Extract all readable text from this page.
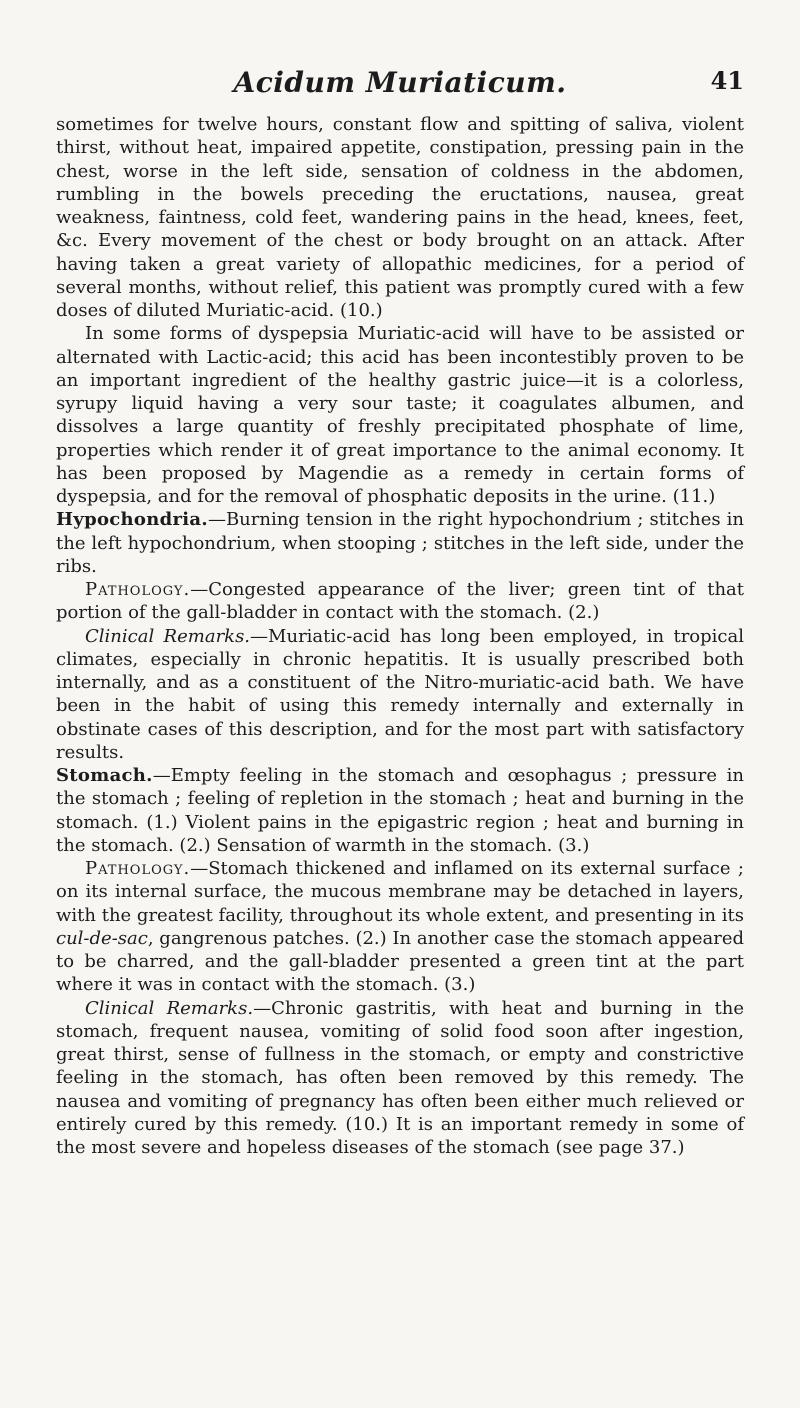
Acidum Muriaticum.	41

sometimes for twelve hours, constant flow and spitting of saliva, violent thirst, without heat, impaired appetite, constipation, pressing pain in the chest, worse in the left side, sensation of coldness in the abdomen, rumbling in the bowels preceding the eructations, nausea, great weakness, faintness, cold feet, wandering pains in the head, knees, feet, &c. Every movement of the chest or body brought on an attack. After having taken a great variety of allopathic medicines, for a period of several months, without relief, this patient was promptly cured with a few doses of diluted Muriatic-acid. (10.)

In some forms of dyspepsia Muriatic-acid will have to be assisted or alternated with Lactic-acid; this acid has been incontestibly proven to be an important ingredient of the healthy gastric juice—it is a colorless, syrupy liquid having a very sour taste; it coagulates albumen, and dissolves a large quantity of freshly precipitated phosphate of lime, properties which render it of great importance to the animal economy. It has been proposed by Magendie as a remedy in certain forms of dyspepsia, and for the removal of phosphatic deposits in the urine. (11.)

Hypochondria.—Burning tension in the right hypochondrium ; stitches in the left hypochondrium, when stooping ; stitches in the left side, under the ribs.

Pathology.—Congested appearance of the liver; green tint of that portion of the gall-bladder in contact with the stomach. (2.)

Clinical Remarks.—Muriatic-acid has long been employed, in tropical climates, especially in chronic hepatitis. It is usually prescribed both internally, and as a constituent of the Nitro-muriatic-acid bath. We have been in the habit of using this remedy internally and externally in obstinate cases of this description, and for the most part with satisfactory results.

Stomach.—Empty feeling in the stomach and œsophagus ; pressure in the stomach ; feeling of repletion in the stomach ; heat and burning in the stomach. (1.) Violent pains in the epigastric region ; heat and burning in the stomach. (2.) Sensation of warmth in the stomach. (3.)

Pathology.—Stomach thickened and inflamed on its external surface ; on its internal surface, the mucous membrane may be detached in layers, with the greatest facility, throughout its whole extent, and presenting in its cul-de-sac, gangrenous patches. (2.) In another case the stomach appeared to be charred, and the gall-bladder presented a green tint at the part where it was in contact with the stomach. (3.)

Clinical Remarks.—Chronic gastritis, with heat and burning in the stomach, frequent nausea, vomiting of solid food soon after ingestion, great thirst, sense of fullness in the stomach, or empty and constrictive feeling in the stomach, has often been removed by this remedy. The nausea and vomiting of pregnancy has often been either much relieved or entirely cured by this remedy. (10.) It is an important remedy in some of the most severe and hopeless diseases of the stomach (see page 37.)
